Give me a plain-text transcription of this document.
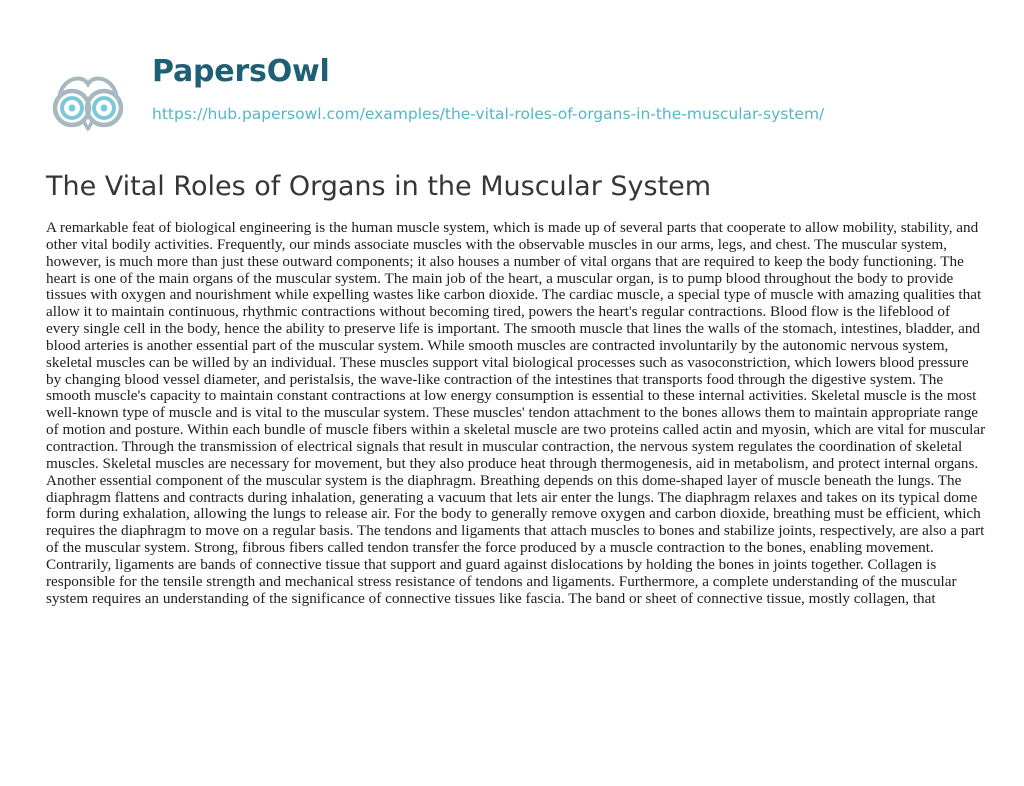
PapersOwl
https://hub.papersowl.com/examples/the-vital-roles-of-organs-in-the-muscular-system/
The Vital Roles of Organs in the Muscular System

A remarkable feat of biological engineering is the human muscle system, which is made up of several parts that cooperate to allow mobility, stability, and other vital bodily activities. Frequently, our minds associate muscles with the observable muscles in our arms, legs, and chest. The muscular system, however, is much more than just these outward components; it also houses a number of vital organs that are required to keep the body functioning. The heart is one of the main organs of the muscular system. The main job of the heart, a muscular organ, is to pump blood throughout the body to provide tissues with oxygen and nourishment while expelling wastes like carbon dioxide. The cardiac muscle, a special type of muscle with amazing qualities that allow it to maintain continuous, rhythmic contractions without becoming tired, powers the heart's regular contractions. Blood flow is the lifeblood of every single cell in the body, hence the ability to preserve life is important. The smooth muscle that lines the walls of the stomach, intestines, bladder, and blood arteries is another essential part of the muscular system. While smooth muscles are contracted involuntarily by the autonomic nervous system, skeletal muscles can be willed by an individual. These muscles support vital biological processes such as vasoconstriction, which lowers blood pressure by changing blood vessel diameter, and peristalsis, the wave-like contraction of the intestines that transports food through the digestive system. The smooth muscle's capacity to maintain constant contractions at low energy consumption is essential to these internal activities. Skeletal muscle is the most well-known type of muscle and is vital to the muscular system. These muscles' tendon attachment to the bones allows them to maintain appropriate range of motion and posture. Within each bundle of muscle fibers within a skeletal muscle are two proteins called actin and myosin, which are vital for muscular contraction. Through the transmission of electrical signals that result in muscular contraction, the nervous system regulates the coordination of skeletal muscles. Skeletal muscles are necessary for movement, but they also produce heat through thermogenesis, aid in metabolism, and protect internal organs. Another essential component of the muscular system is the diaphragm. Breathing depends on this dome-shaped layer of muscle beneath the lungs. The diaphragm flattens and contracts during inhalation, generating a vacuum that lets air enter the lungs. The diaphragm relaxes and takes on its typical dome form during exhalation, allowing the lungs to release air. For the body to generally remove oxygen and carbon dioxide, breathing must be efficient, which requires the diaphragm to move on a regular basis. The tendons and ligaments that attach muscles to bones and stabilize joints, respectively, are also a part of the muscular system. Strong, fibrous fibers called tendon transfer the force produced by a muscle contraction to the bones, enabling movement. Contrarily, ligaments are bands of connective tissue that support and guard against dislocations by holding the bones in joints together. Collagen is responsible for the tensile strength and mechanical stress resistance of tendons and ligaments. Furthermore, a complete understanding of the muscular system requires an understanding of the significance of connective tissues like fascia. The band or sheet of connective tissue, mostly collagen, that
